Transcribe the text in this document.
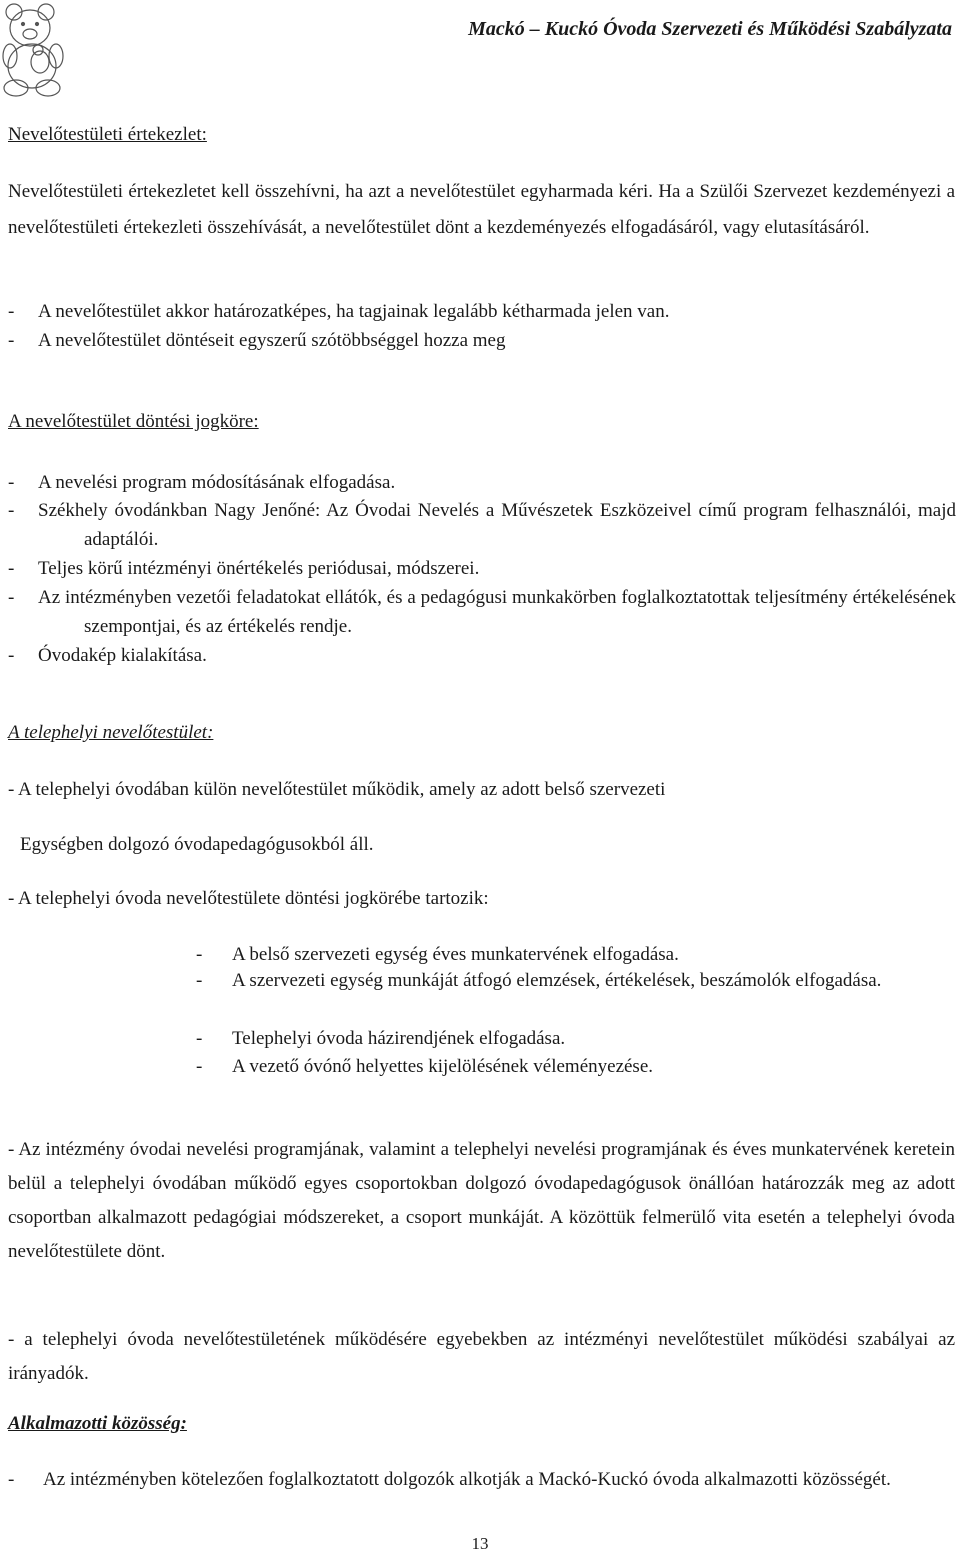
Mackó – Kuckó Óvoda Szervezeti és Működési Szabályzata
Nevelőtestületi értekezlet:
Nevelőtestületi értekezletet kell összehívni, ha azt a nevelőtestület egyharmada kéri. Ha a Szülői Szervezet kezdeményezi a nevelőtestületi értekezleti összehívását, a nevelőtestület dönt a kezdeményezés elfogadásáról, vagy elutasításáról.
- A nevelőtestület akkor határozatképes, ha tagjainak legalább kétharmada jelen van.
- A nevelőtestület döntéseit egyszerű szótöbbséggel hozza meg
A nevelőtestület döntési jogköre:
- A nevelési program módosításának elfogadása.
- Székhely óvodánkban Nagy Jenőné: Az Óvodai Nevelés a Művészetek Eszközeivel című program felhasználói, majd adaptálói.
- Teljes körű intézményi önértékelés periódusai, módszerei.
- Az intézményben vezetői feladatokat ellátók, és a pedagógusi munkakörben foglalkoztatottak teljesítmény értékelésének szempontjai, és az értékelés rendje.
- Óvodakép kialakítása.
A telephelyi nevelőtestület:
- A telephelyi óvodában külön nevelőtestület működik, amely az adott belső szervezeti
Egységben dolgozó óvodapedagógusokból áll.
- A telephelyi óvoda nevelőtestülete döntési jogkörébe tartozik:
- A belső szervezeti egység éves munkatervének elfogadása.
- A szervezeti egység munkáját átfogó elemzések, értékelések, beszámolók elfogadása.
- Telephelyi óvoda házirendjének elfogadása.
- A vezető óvónő helyettes kijelölésének véleményezése.
- Az intézmény óvodai nevelési programjának, valamint a telephelyi nevelési programjának és éves munkatervének keretein belül a telephelyi óvodában működő egyes csoportokban dolgozó óvodapedagógusok önállóan határozzák meg az adott csoportban alkalmazott pedagógiai módszereket, a csoport munkáját. A közöttük felmerülő vita esetén a telephelyi óvoda nevelőtestülete dönt.
- a telephelyi óvoda nevelőtestületének működésére egyebekben az intézményi nevelőtestület működési szabályai az irányadók.
Alkalmazotti közösség:
- Az intézményben kötelezően foglalkoztatott dolgozók alkotják a Mackó-Kuckó óvoda alkalmazotti közösségét.
13
